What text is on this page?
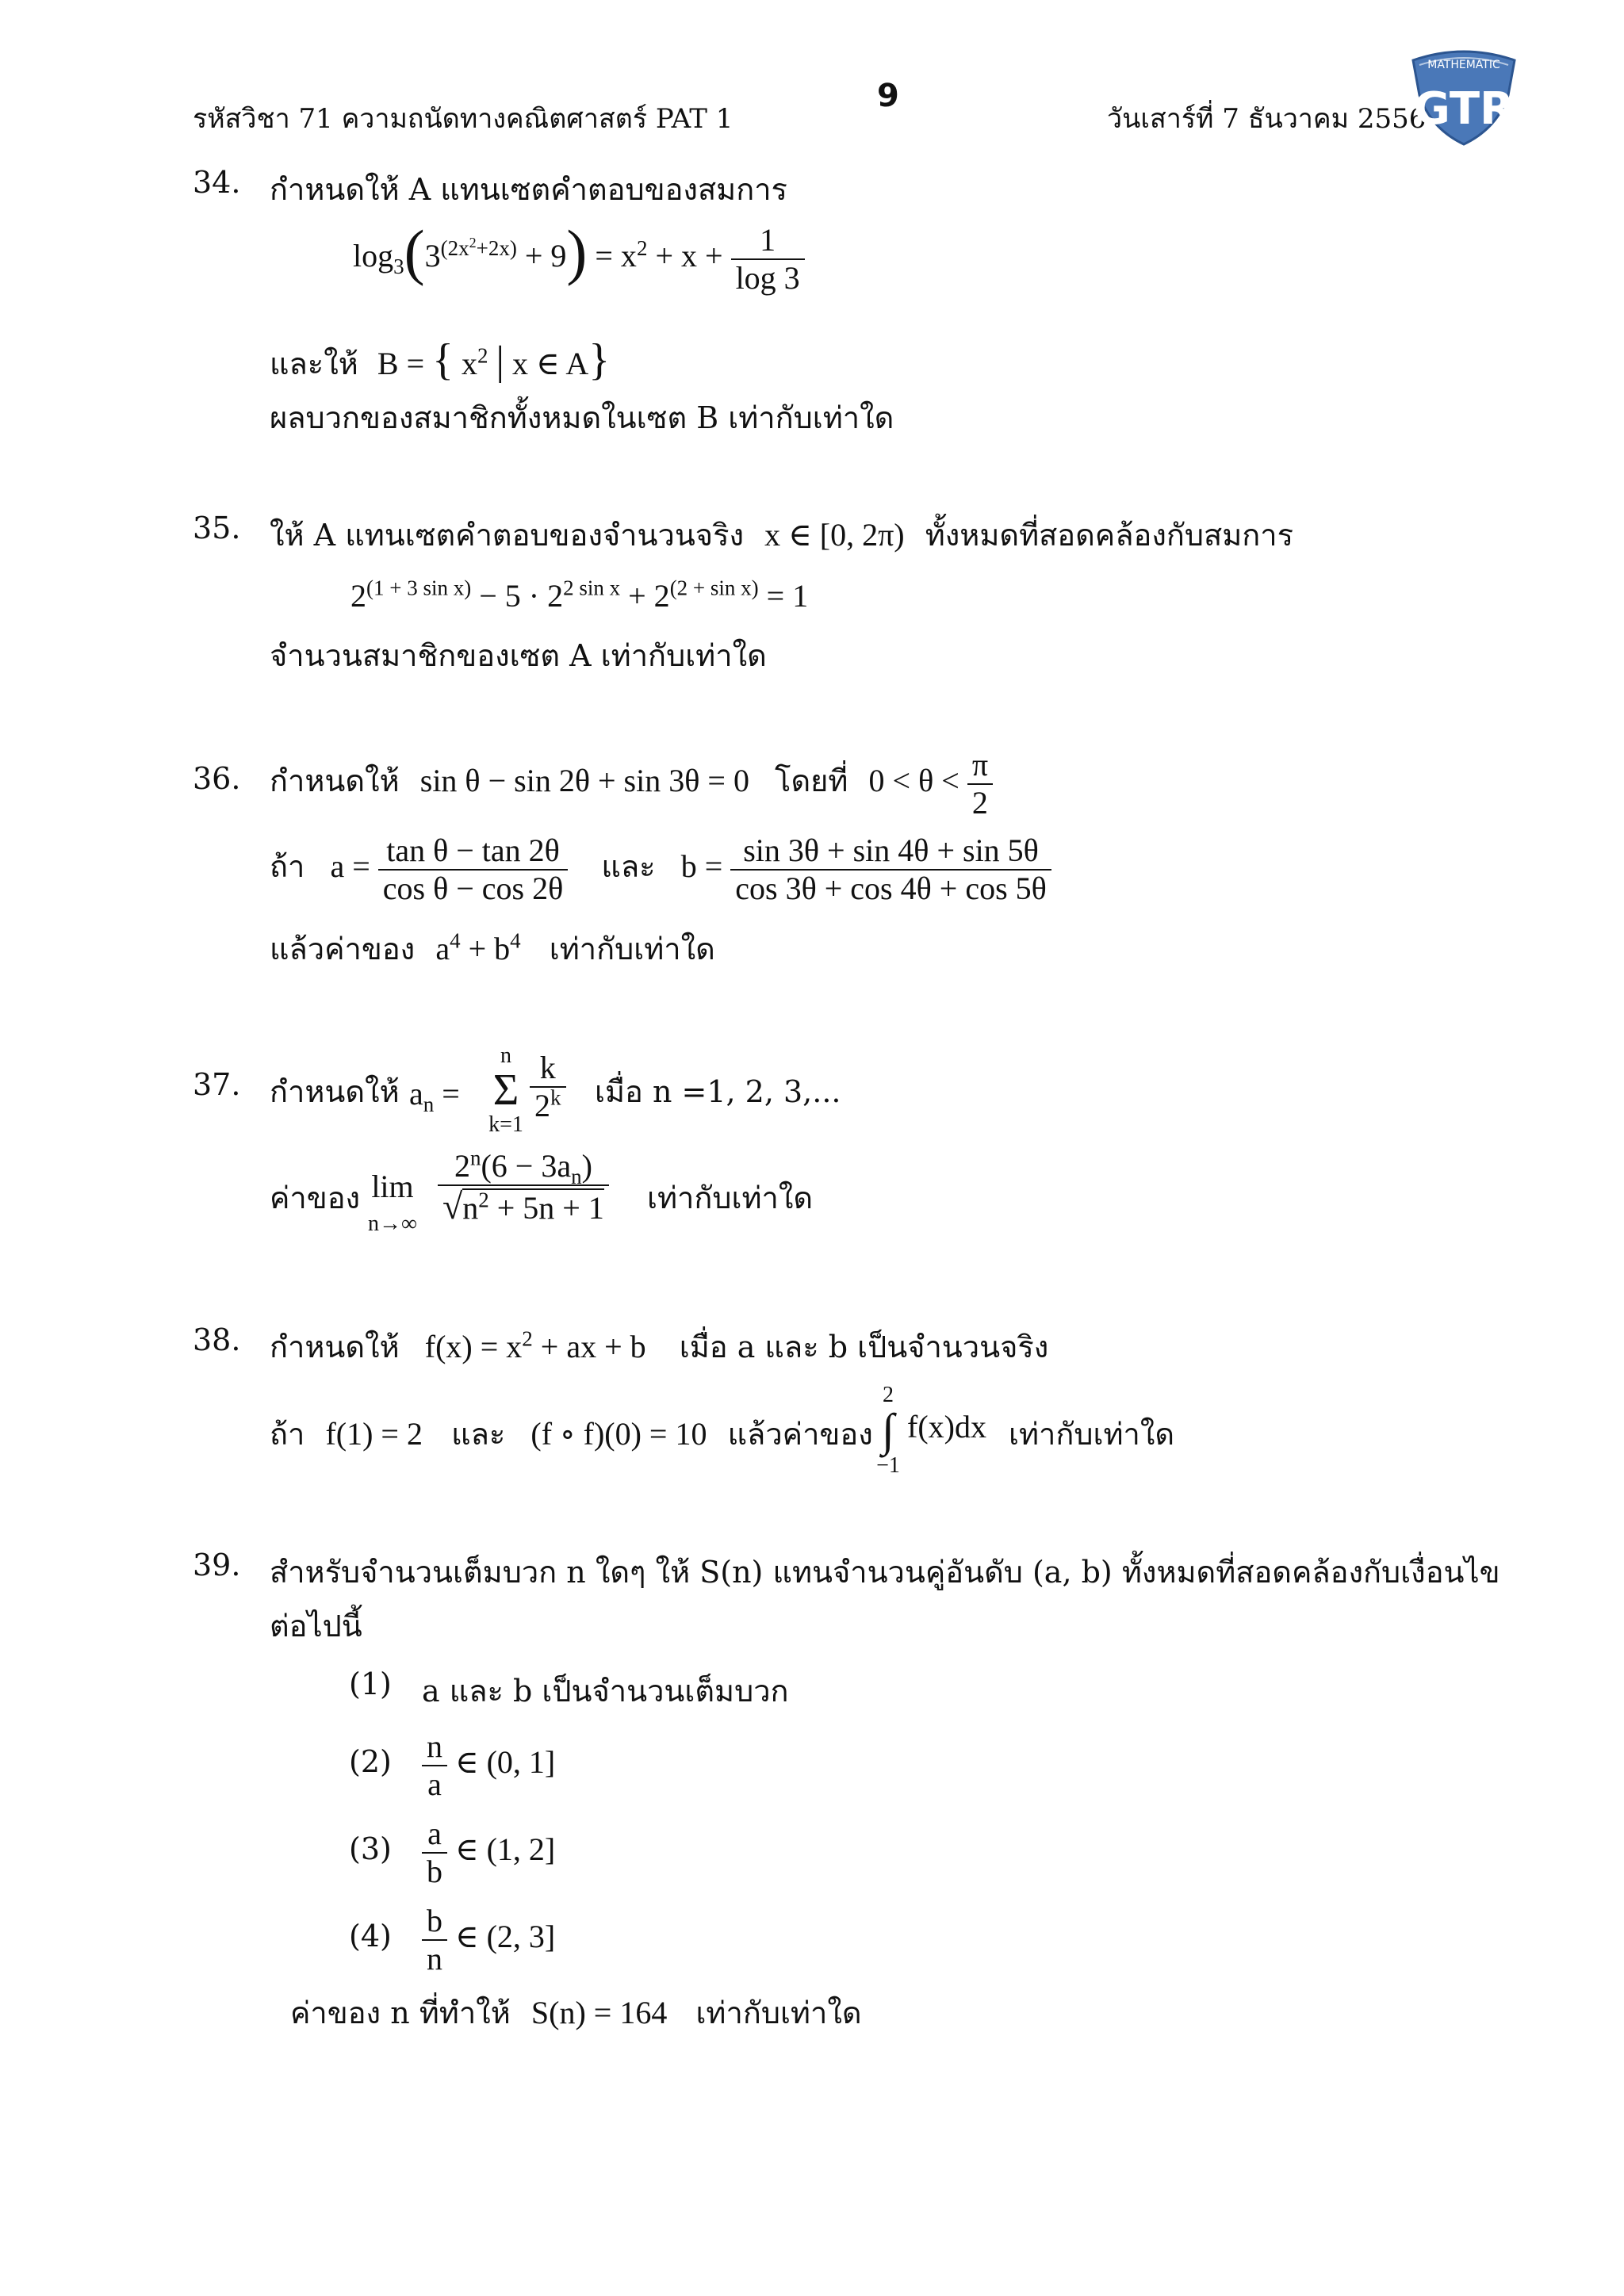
รหัสวิชา 71 ความถนัดทางคณิตศาสตร์ PAT 1
9
วันเสาร์ที่ 7 ธันวาคม 2556
MATHEMATIC
GTR
34. กำหนดให้ A แทนเซตคำตอบของสมการ
$\log_3(3^{(2x^2+2x)} + 9) = x^2 + x + \frac{1}{\log 3}$
และให้ B = { $x^2$ | x ∈ A}
ผลบวกของสมาชิกทั้งหมดในเซต B เท่ากับเท่าใด
35. ให้ A แทนเซตคำตอบของจำนวนจริง x ∈ [0, 2π) ทั้งหมดที่สอดคล้องกับสมการ
$2^{(1 + 3 sin x)} - 5 \cdot 2^{2 sin x} + 2^{(2 + sin x)} = 1$
จำนวนสมาชิกของเซต A เท่ากับเท่าใด
36. กำหนดให้ sin θ − sin 2θ + sin 3θ = 0 โดยที่ $0 < \theta < \frac{\pi}{2}$
ถ้า $a = \frac{\text{tan θ − tan 2θ}}{\text{cos θ − cos 2θ}}$ และ $b = \frac{\sin 3\theta + \sin 4\theta + \sin 5\theta}{\cos 3\theta + \cos 4\theta + \cos 5\theta}$
แล้วค่าของ $a^4 + b^4$ เท่ากับเท่าใด
37. กำหนดให้ $a_n$ =
n
Σ
k=1
$\frac{k}{2^k}$ เมื่อ n =1, 2, 3,...
ค่าของ lim
$n\to\infty \frac{2^n(6 - 3a_n)}{√n^2 + 5n + 1}$ เท่ากับเท่าใด
38. กำหนดให้ $f(x) = x^2$ + ax + b เมื่อ a และ b เป็นจำนวนจริง
ถ้า f(1) = 2 และ (f ∘ f)(0) = 10 แล้วค่าของ
2
∫
−1
f(x)dx เท่ากับเท่าใด
39. สำหรับจำนวนเต็มบวก n ใดๆ ให้ S(n) แทนจำนวนคู่อันดับ (a, b) ทั้งหมดที่สอดคล้องกับเงื่อนไข
ต่อไปนี้
(1) a และ b เป็นจำนวนเต็มบวก
$(2) \frac{n}{a}$ ∈ (0, 1]
$(3) \frac{a}{b}$ ∈ (1, 2]
$(4) \frac{b}{n}$ ∈ (2, 3]
ค่าของ n ที่ทำให้ S(n) = 164 เท่ากับเท่าใด
